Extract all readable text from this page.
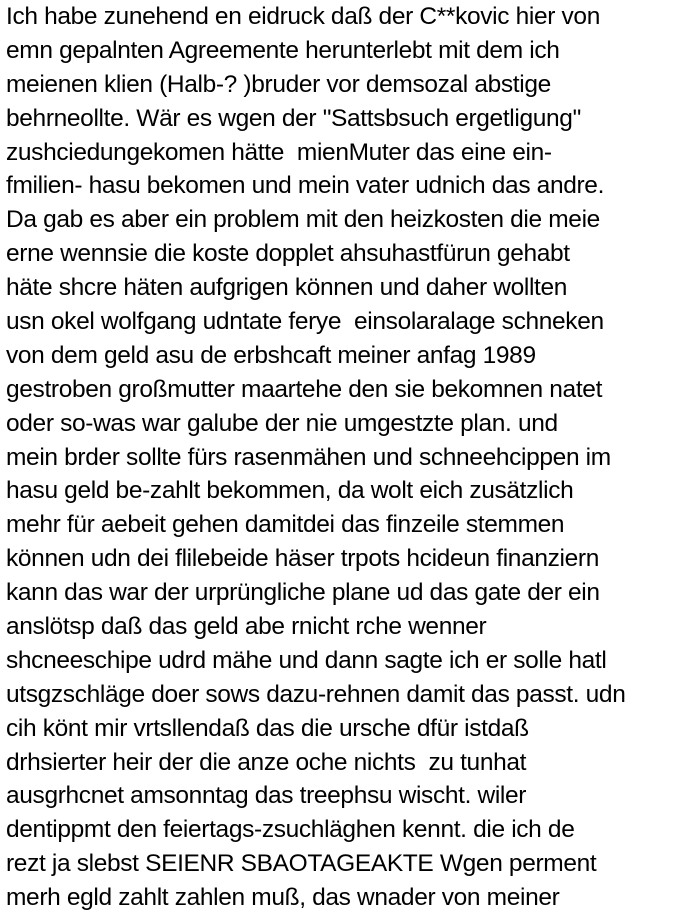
Ich habe zunehend en eidruck daß der C**kovic hier von
emn gepalnten Agreemente herunterlebt mit dem ich
meienen klien (Halb-? )bruder vor demsozal abstige
behrneollte. Wär es wgen der "Sattsbsuch ergetligung"
zushciedungekomen hätte  mienMuter das eine ein-
fmilien- hasu bekomen und mein vater udnich das andre.
Da gab es aber ein problem mit den heizkosten die meie
erne wennsie die koste dopplet ahsuhastfürun gehabt
häte shcre häten aufgrigen können und daher wollten
usn okel wolfgang udntate ferye  einsolaralage schneken
von dem geld asu de erbshcaft meiner anfag 1989
gestroben großmutter maartehe den sie bekomnen natet
oder so-was war galube der nie umgestzte plan. und
mein brder sollte fürs rasenmähen und schneehcippen im
hasu geld be-zahlt bekommen, da wolt eich zusätzlich
mehr für aebeit gehen damitdei das finzeile stemmen
können udn dei flilebeide häser trpots hcideun finanziern
kann das war der urprüngliche plane ud das gate der ein
anslötsp daß das geld abe rnicht rche wenner
shcneeschipe udrd mähe und dann sagte ich er solle hatl
utsgzschläge doer sows dazu-rehnen damit das passt. udn
cih könt mir vrtsllendaß das die ursche dfür istdaß
drhsierter heir der die anze oche nichts  zu tunhat
ausgrhcnet amsonntag das treephsu wischt. wiler
dentippmt den feiertags-zsuchläghen kennt. die ich de
rezt ja slebst SEIENR SBAOTAGEAKTE Wgen perment
merh egld zahlt zahlen muß, das wnader von meiner
